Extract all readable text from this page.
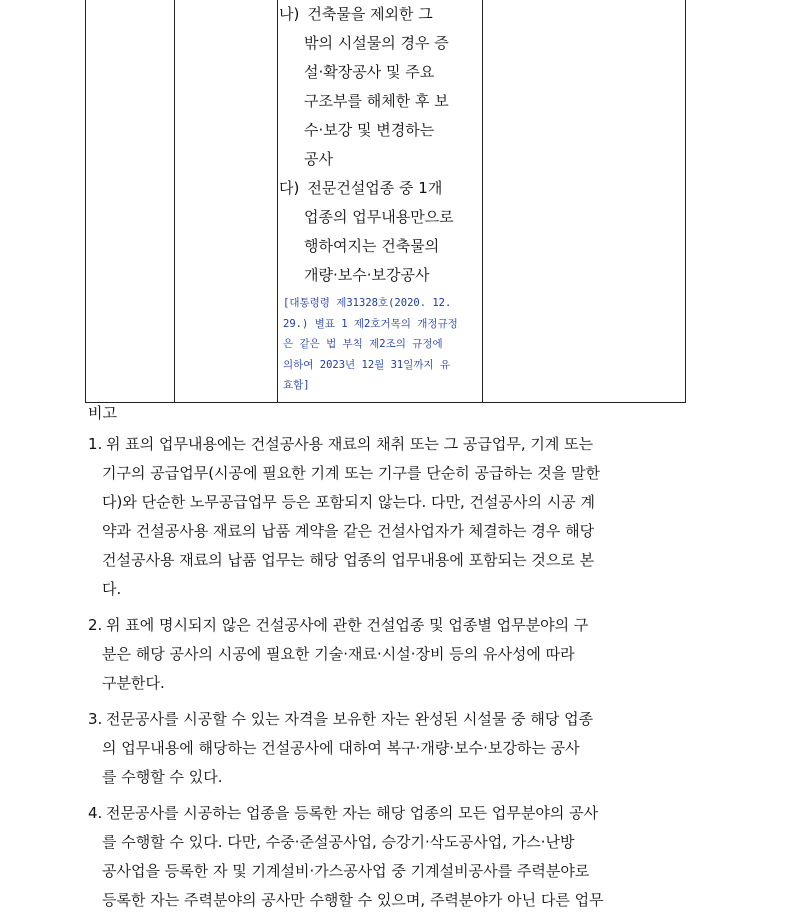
나) 건축물을 제외한 그
밖의 시설물의 경우 증
설·확장공사 및 주요
구조부를 해체한 후 보
수·보강 및 변경하는
공사
다) 전문건설업종 중 1개
업종의 업무내용만으로
행하여지는 건축물의
개량·보수·보강공사
[대통령령 제31328호(2020. 12.
29.) 별표 1 제2호거목의 개정규정
은 같은 법 부칙 제2조의 규정에
의하여 2023년 12월 31일까지 유
효함]
비고
1. 위 표의 업무내용에는 건설공사용 재료의 채취 또는 그 공급업무, 기계 또는
기구의 공급업무(시공에 필요한 기계 또는 기구를 단순히 공급하는 것을 말한
다)와 단순한 노무공급업무 등은 포함되지 않는다. 다만, 건설공사의 시공 계
약과 건설공사용 재료의 납품 계약을 같은 건설사업자가 체결하는 경우 해당
건설공사용 재료의 납품 업무는 해당 업종의 업무내용에 포함되는 것으로 본
다.
2. 위 표에 명시되지 않은 건설공사에 관한 건설업종 및 업종별 업무분야의 구
분은 해당 공사의 시공에 필요한 기술·재료·시설·장비 등의 유사성에 따라
구분한다.
3. 전문공사를 시공할 수 있는 자격을 보유한 자는 완성된 시설물 중 해당 업종
의 업무내용에 해당하는 건설공사에 대하여 복구·개량·보수·보강하는 공사
를 수행할 수 있다.
4. 전문공사를 시공하는 업종을 등록한 자는 해당 업종의 모든 업무분야의 공사
를 수행할 수 있다. 다만, 수중·준설공사업, 승강기·삭도공사업, 가스·난방
공사업을 등록한 자 및 기계설비·가스공사업 중 기계설비공사를 주력분야로
등록한 자는 주력분야의 공사만 수행할 수 있으며, 주력분야가 아닌 다른 업무
